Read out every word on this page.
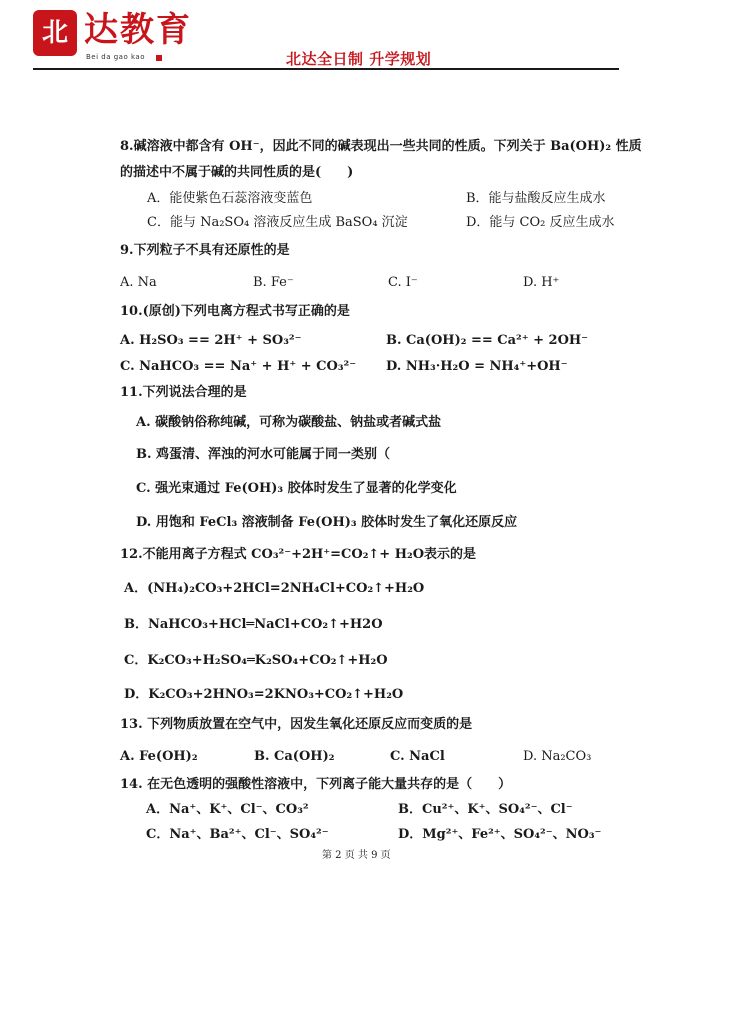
北 达教育
Bei da gao kao	北达全日制 升学规划
8.碱溶液中都含有 OH⁻，因此不同的碱表现出一些共同的性质。下列关于 Ba(OH)₂ 性质
的描述中不属于碱的共同性质的是(　　)
A．能使紫色石蕊溶液变蓝色	B．能与盐酸反应生成水
C．能与 Na₂SO₄ 溶液反应生成 BaSO₄ 沉淀	D．能与 CO₂ 反应生成水
9.下列粒子不具有还原性的是
A. Na	B. Fe⁻	C. I⁻	D. H⁺
10.(原创)下列电离方程式书写正确的是
A. H₂SO₃ == 2H⁺ + SO₃²⁻	B. Ca(OH)₂ == Ca²⁺ + 2OH⁻
C. NaHCO₃ == Na⁺ + H⁺ + CO₃²⁻ D. NH₃·H₂O = NH₄⁺+OH⁻
11.下列说法合理的是
A. 碳酸钠俗称纯碱，可称为碳酸盐、钠盐或者碱式盐
B. 鸡蛋清、浑浊的河水可能属于同一类别（
C. 强光束通过 Fe(OH)₃ 胶体时发生了显著的化学变化
D. 用饱和 FeCl₃ 溶液制备 Fe(OH)₃ 胶体时发生了氧化还原反应
12.不能用离子方程式 CO₃²⁻+2H⁺=CO₂↑+ H₂O表示的是
A．(NH₄)₂CO₃+2HCl=2NH₄Cl+CO₂↑+H₂O
B．NaHCO₃+HCl═NaCl+CO₂↑+H2O
C．K₂CO₃+H₂SO₄═K₂SO₄+CO₂↑+H₂O
D．K₂CO₃+2HNO₃=2KNO₃+CO₂↑+H₂O
13. 下列物质放置在空气中，因发生氧化还原反应而变质的是
A. Fe(OH)₂	B. Ca(OH)₂	C. NaCl	D. Na₂CO₃
14. 在无色透明的强酸性溶液中，下列离子能大量共存的是（　　）
A．Na⁺、K⁺、Cl⁻、CO₃²	B．Cu²⁺、K⁺、SO₄²⁻、Cl⁻
C．Na⁺、Ba²⁺、Cl⁻、SO₄²⁻	D．Mg²⁺、Fe²⁺、SO₄²⁻、NO₃⁻
第 2 页 共 9 页
